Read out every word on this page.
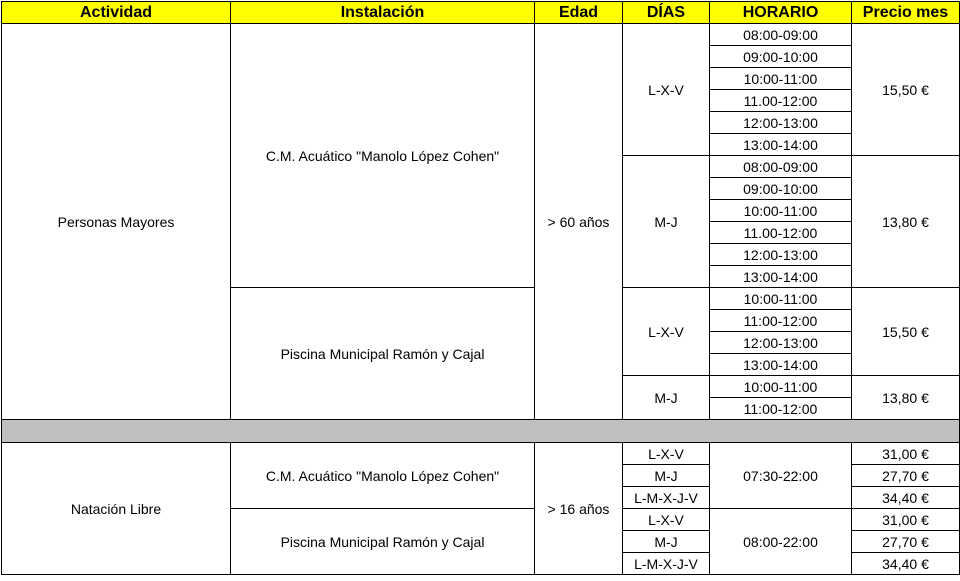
Actividad	Instalación	Edad	DÍAS	HORARIO	Precio mes
Personas Mayores	C.M. Acuático "Manolo López Cohen"	> 60 años	L-X-V	08:00-09:00	15,50 €
				09:00-10:00	
				10:00-11:00	
				11.00-12:00	
				12:00-13:00	
				13:00-14:00	
			M-J	08:00-09:00	13,80 €
				09:00-10:00	
				10:00-11:00	
				11.00-12:00	
				12:00-13:00	
				13:00-14:00	
	Piscina Municipal Ramón y Cajal		L-X-V	10:00-11:00	15,50 €
				11:00-12:00	
				12:00-13:00	
				13:00-14:00	
			M-J	10:00-11:00	13,80 €
				11:00-12:00	

Natación Libre	C.M. Acuático "Manolo López Cohen"	> 16 años	L-X-V	07:30-22:00	31,00 €
			M-J		27,70 €
			L-M-X-J-V		34,40 €
	Piscina Municipal Ramón y Cajal		L-X-V	08:00-22:00	31,00 €
			M-J		27,70 €
			L-M-X-J-V		34,40 €
